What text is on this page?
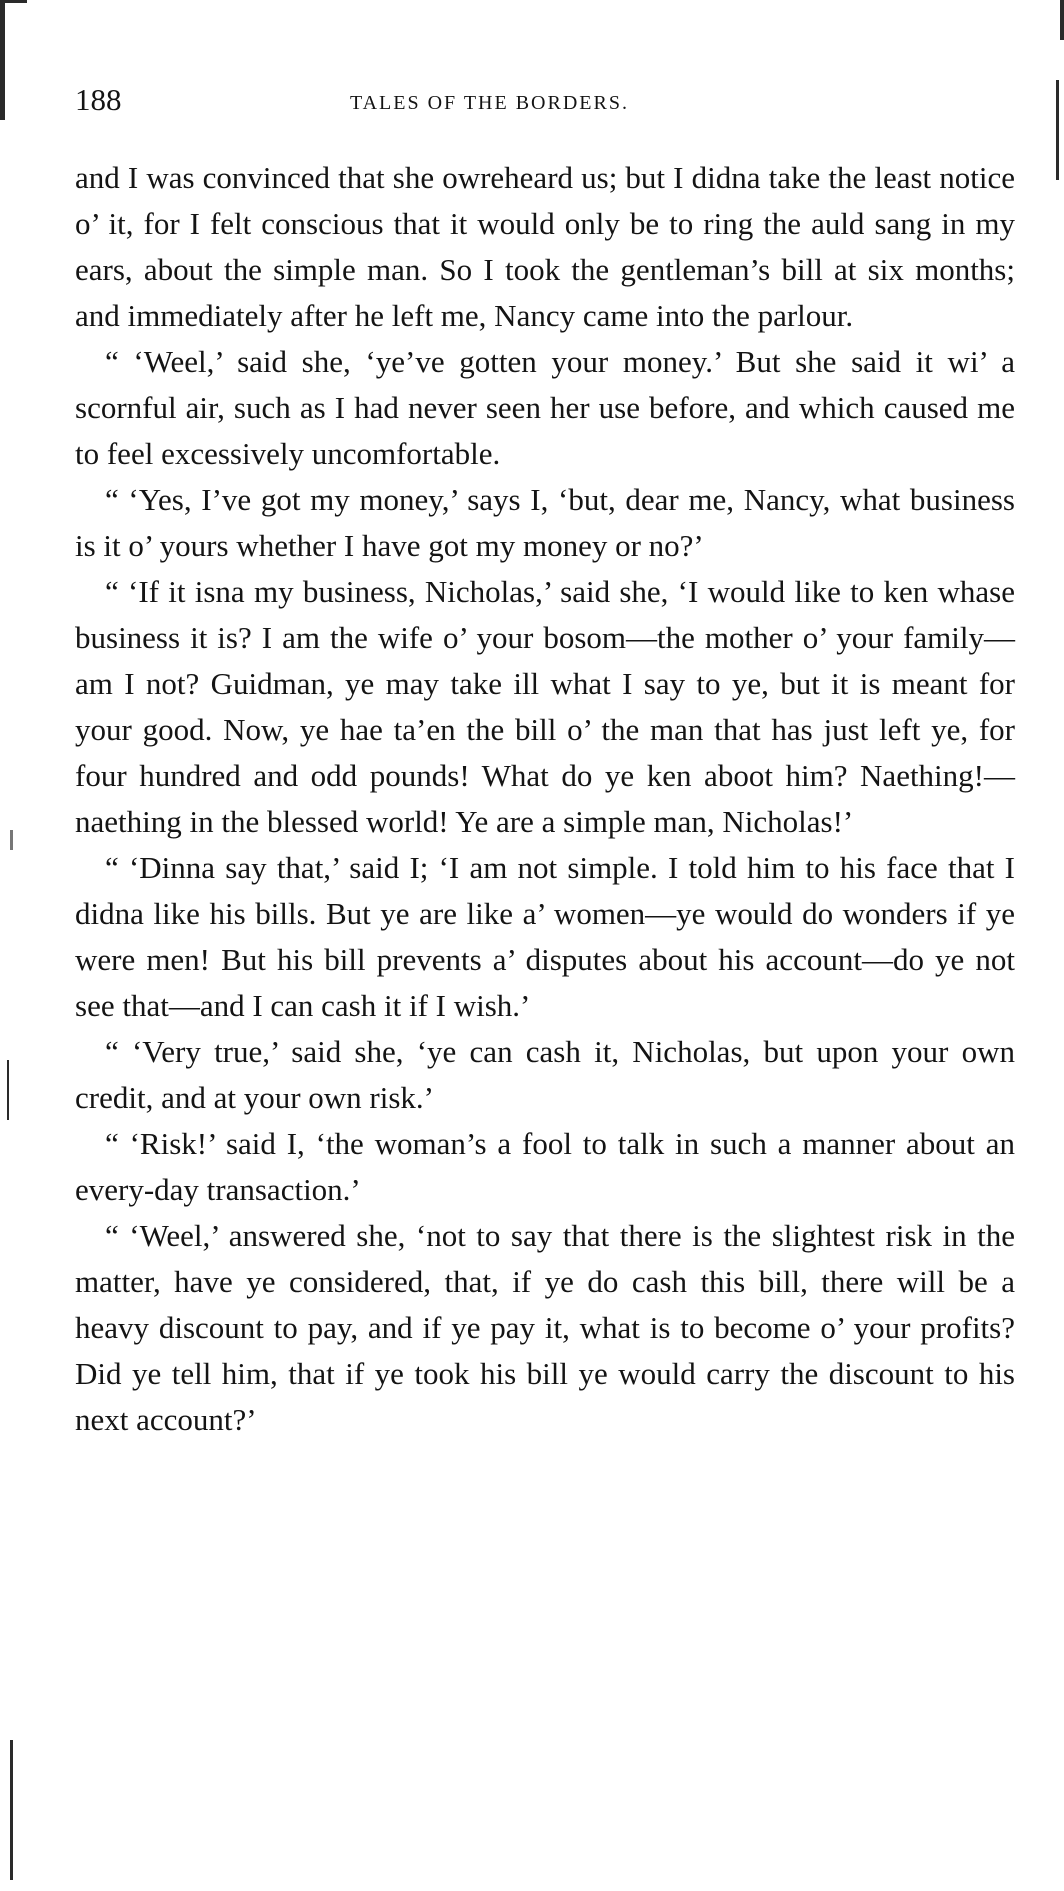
188	TALES OF THE BORDERS.

and I was convinced that she owreheard us; but I didna take the least notice o’ it, for I felt conscious that it would only be to ring the auld sang in my ears, about the simple man. So I took the gentleman’s bill at six months; and immediately after he left me, Nancy came into the parlour.

“ ‘Weel,’ said she, ‘ye’ve gotten your money.’ But she said it wi’ a scornful air, such as I had never seen her use before, and which caused me to feel excessively uncomfortable.

“ ‘Yes, I’ve got my money,’ says I, ‘but, dear me, Nancy, what business is it o’ yours whether I have got my money or no?’

“ ‘If it isna my business, Nicholas,’ said she, ‘I would like to ken whase business it is? I am the wife o’ your bosom—the mother o’ your family—am I not? Guidman, ye may take ill what I say to ye, but it is meant for your good. Now, ye hae ta’en the bill o’ the man that has just left ye, for four hundred and odd pounds! What do ye ken aboot him? Naething!—naething in the blessed world! Ye are a simple man, Nicholas!’

“ ‘Dinna say that,’ said I; ‘I am not simple. I told him to his face that I didna like his bills. But ye are like a’ women—ye would do wonders if ye were men! But his bill prevents a’ disputes about his account—do ye not see that—and I can cash it if I wish.’

“ ‘Very true,’ said she, ‘ye can cash it, Nicholas, but upon your own credit, and at your own risk.’

“ ‘Risk!’ said I, ‘the woman’s a fool to talk in such a manner about an every-day transaction.’

“ ‘Weel,’ answered she, ‘not to say that there is the slightest risk in the matter, have ye considered, that, if ye do cash this bill, there will be a heavy discount to pay, and if ye pay it, what is to become o’ your profits? Did ye tell him, that if ye took his bill ye would carry the discount to his next account?’
